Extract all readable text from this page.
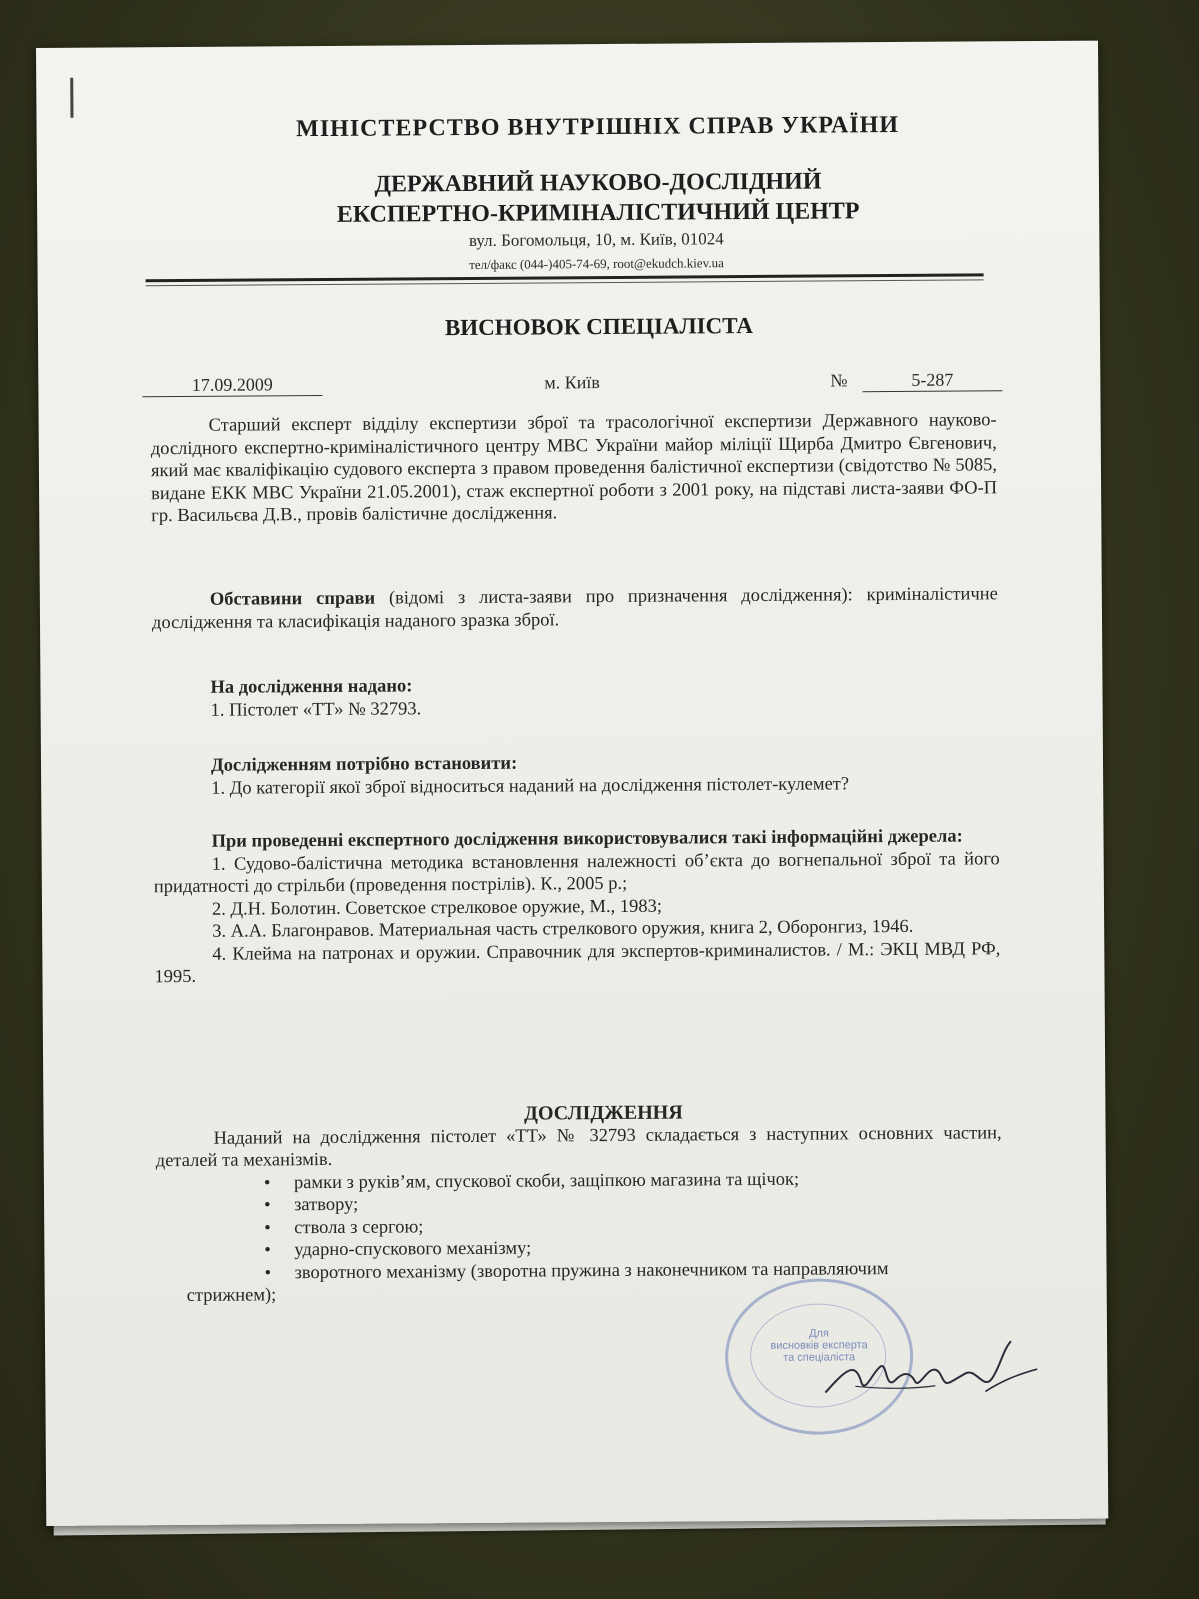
МІНІСТЕРСТВО ВНУТРІШНІХ СПРАВ УКРАЇНИ
ДЕРЖАВНИЙ НАУКОВО-ДОСЛІДНИЙ
ЕКСПЕРТНО-КРИМІНАЛІСТИЧНИЙ ЦЕНТР
вул. Богомольця, 10, м. Київ, 01024
тел/факс (044-)405-74-69, root@ekudch.kiev.ua
ВИСНОВОК СПЕЦІАЛІСТА
17.09.2009	м. Київ	№	5-287

Старший експерт відділу експертизи зброї та трасологічної експертизи Державного науково-дослідного експертно-криміналістичного центру МВС України майор міліції Щирба Дмитро Євгенович, який має кваліфікацію судового експерта з правом проведення балістичної експертизи (свідотство № 5085, видане ЕКК МВС України 21.05.2001), стаж експертної роботи з 2001 року, на підставі листа-заяви ФО-П гр. Васильєва Д.В., провів балістичне дослідження.

Обставини справи (відомі з листа-заяви про призначення дослідження): криміналістичне дослідження та класифікація наданого зразка зброї.

На дослідження надано:

1. Пістолет «ТТ» № 32793.

Дослідженням потрібно встановити:

1. До категорії якої зброї відноситься наданий на дослідження пістолет-кулемет?

При проведенні експертного дослідження використовувалися такі інформаційні джерела:

1. Судово-балістична методика встановлення належності об’єкта до вогнепальної зброї та його придатності до стрільби (проведення пострілів). К., 2005 р.;

2. Д.Н. Болотин. Советское стрелковое оружие, М., 1983;

3. А.А. Благонравов. Материальная часть стрелкового оружия, книга 2, Оборонгиз, 1946.

4. Клейма на патронах и оружии. Справочник для экспертов-криминалистов. / М.: ЭКЦ МВД РФ, 1995.

ДОСЛІДЖЕННЯ

Наданий на дослідження пістолет «ТТ» № 32793 складається з наступних основних частин, деталей та механізмів.

• рамки з руків’ям, спускової скоби, защіпкою магазина та щічок;
• затвору;
• ствола з сергою;
• ударно-спускового механізму;
• зворотного механізму (зворотна пружина з наконечником та направляючим

стрижнем);

Для
висновків експерта
та спеціаліста
